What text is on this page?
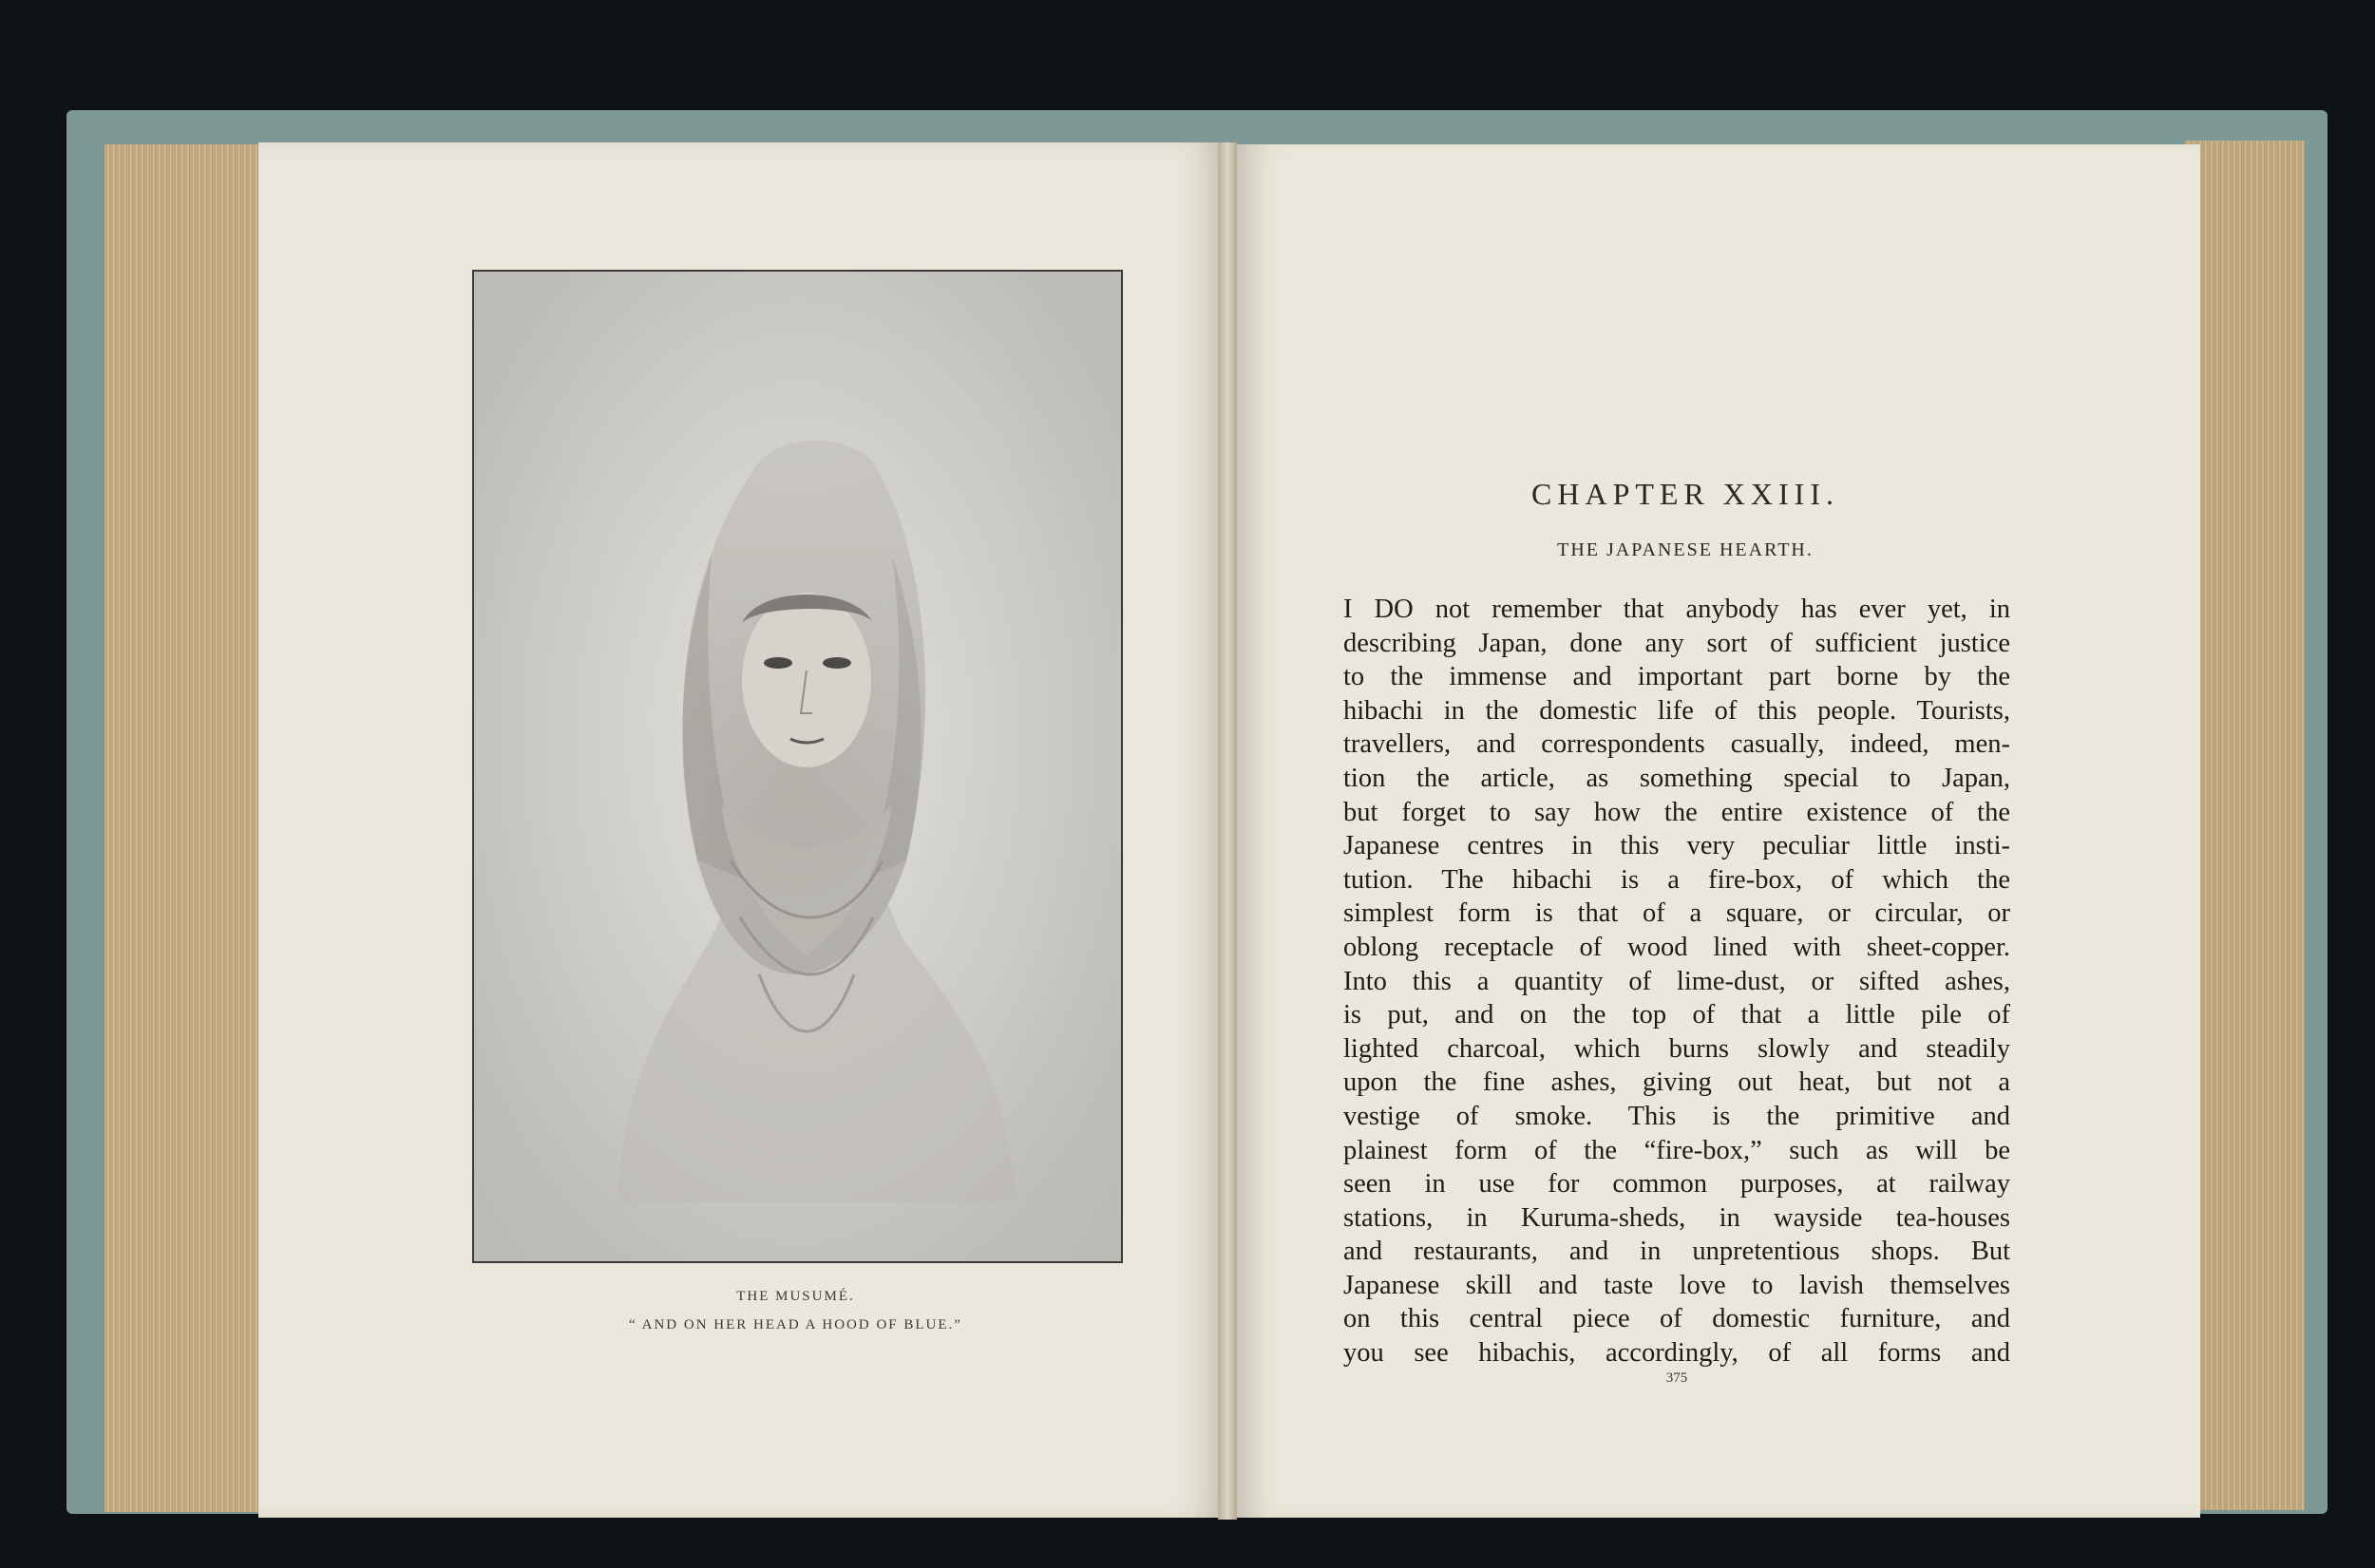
THE MUSUMÉ.
“ AND ON HER HEAD A HOOD OF BLUE.”
CHAPTER XXIII.
THE JAPANESE HEARTH.
I DO not remember that anybody has ever yet, in
describing Japan, done any sort of sufficient justice
to the immense and important part borne by the
hibachi in the domestic life of this people. Tourists,
travellers, and correspondents casually, indeed, men-
tion the article, as something special to Japan,
but forget to say how the entire existence of the
Japanese centres in this very peculiar little insti-
tution. The hibachi is a fire-box, of which the
simplest form is that of a square, or circular, or
oblong receptacle of wood lined with sheet-copper.
Into this a quantity of lime-dust, or sifted ashes,
is put, and on the top of that a little pile of
lighted charcoal, which burns slowly and steadily
upon the fine ashes, giving out heat, but not a
vestige of smoke. This is the primitive and
plainest form of the “fire-box,” such as will be
seen in use for common purposes, at railway
stations, in Kuruma-sheds, in wayside tea-houses
and restaurants, and in unpretentious shops. But
Japanese skill and taste love to lavish themselves
on this central piece of domestic furniture, and
you see hibachis, accordingly, of all forms and
375
